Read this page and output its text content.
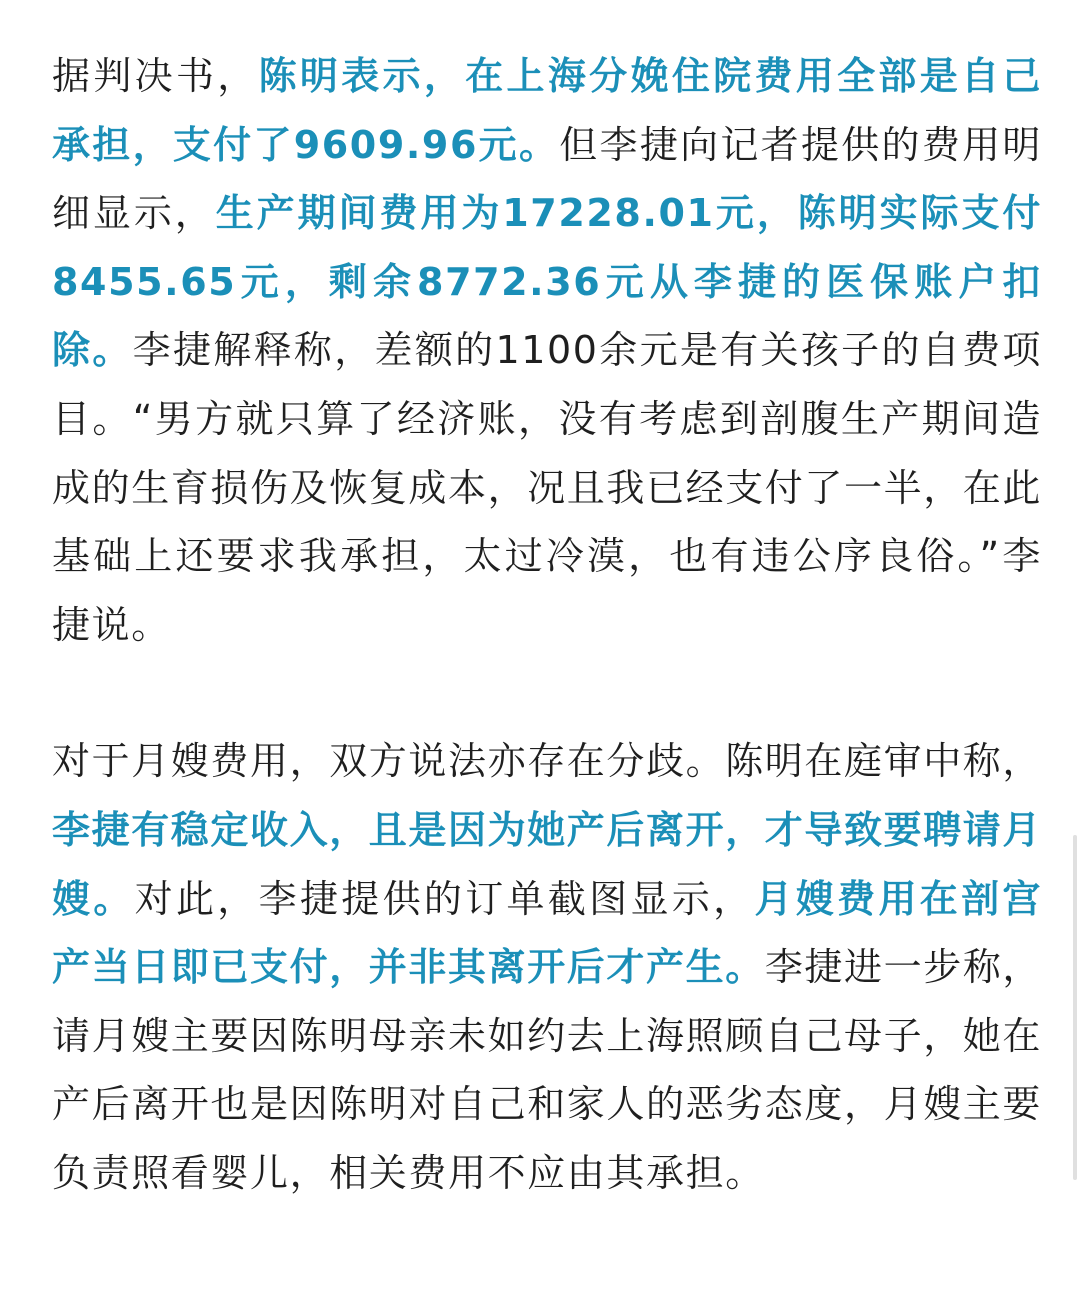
据判决书，陈明表示，在上海分娩住院费用全部是自己承担，支付了9609.96元。但李捷向记者提供的费用明细显示，生产期间费用为17228.01元，陈明实际支付8455.65元，剩余8772.36元从李捷的医保账户扣除。李捷解释称，差额的1100余元是有关孩子的自费项目。“男方就只算了经济账，没有考虑到剖腹生产期间造成的生育损伤及恢复成本，况且我已经支付了一半，在此基础上还要求我承担，太过冷漠，也有违公序良俗。”李捷说。

对于月嫂费用，双方说法亦存在分歧。陈明在庭审中称，李捷有稳定收入，且是因为她产后离开，才导致要聘请月嫂。对此，李捷提供的订单截图显示，月嫂费用在剖宫产当日即已支付，并非其离开后才产生。李捷进一步称，请月嫂主要因陈明母亲未如约去上海照顾自己母子，她在产后离开也是因陈明对自己和家人的恶劣态度，月嫂主要负责照看婴儿，相关费用不应由其承担。
